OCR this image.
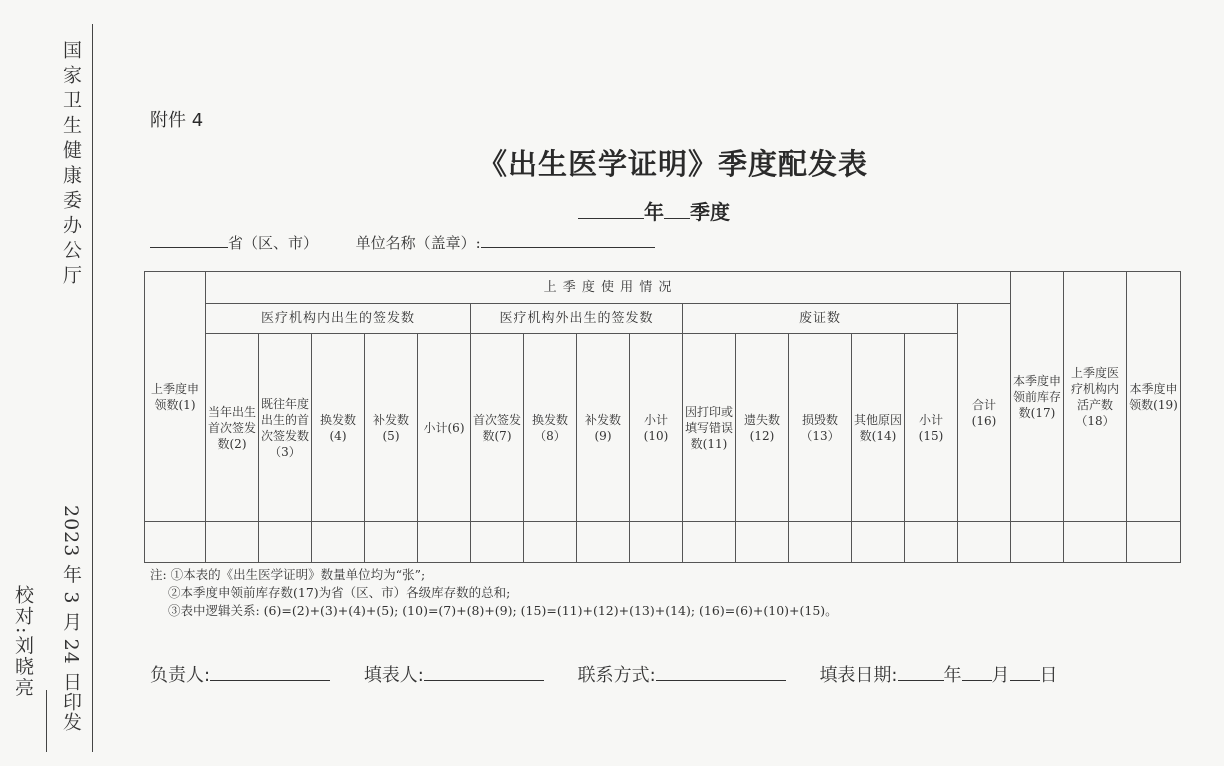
国家卫生健康委办公厅
2023 年 3 月 24 日印发
校对:刘晓亮
附件 4
《出生医学证明》季度配发表
年 季度
省（区、市）	单位名称（盖章）:
上季度申领数(1)	上 季 度 使 用 情 况															本季度申领前库存数(17)	上季度医疗机构内活产数（18）	本季度申领数(19)
	医疗机构内出生的签发数					医疗机构外出生的签发数				废证数					合计(16)			
	当年出生首次签发数(2)	既往年度出生的首次签发数（3）	换发数(4)	补发数(5)	小计(6)	首次签发数(7)	换发数（8）	补发数(9)	小计(10)	因打印或填写错误数(11)	遗失数(12)	损毁数（13）	其他原因数(14)	小计(15)				

注: ①本表的《出生医学证明》数量单位均为“张”;
②本季度申领前库存数(17)为省（区、市）各级库存数的总和;
③表中逻辑关系: (6)=(2)+(3)+(4)+(5); (10)=(7)+(8)+(9); (15)=(11)+(12)+(13)+(14); (16)=(6)+(10)+(15)。
负责人:	填表人:	联系方式:	填表日期:	年 月 日
